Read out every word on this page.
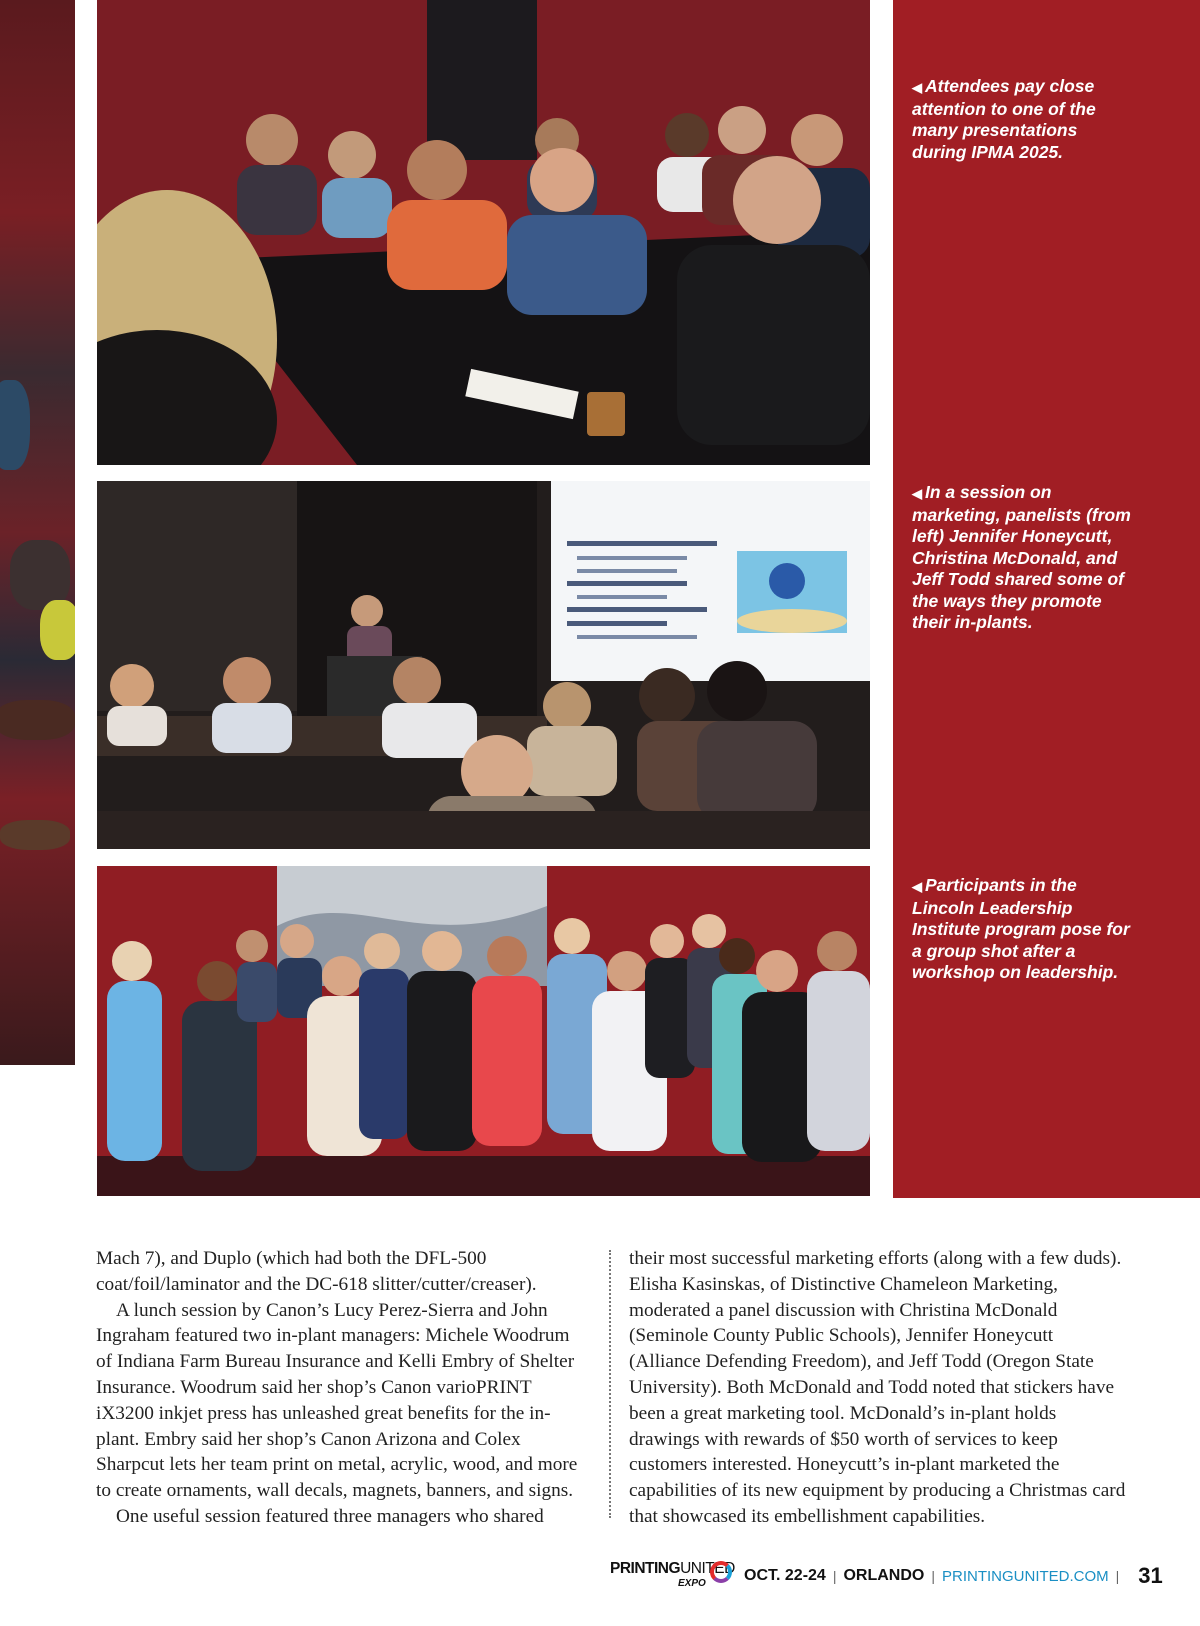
◀ Attendees pay close attention to one of the many presentations during IPMA 2025.
◀ In a session on marketing, panelists (from left) Jennifer Honeycutt, Christina McDonald, and Jeff Todd shared some of the ways they promote their in-plants.
◀ Participants in the Lincoln Leadership Institute program pose for a group shot after a workshop on leadership.

Mach 7), and Duplo (which had both the DFL-500 coat/foil/laminator and the DC-618 slitter/cutter/creaser).

A lunch session by Canon’s Lucy Perez-Sierra and John Ingraham featured two in-plant managers: Michele Woodrum of Indiana Farm Bureau Insurance and Kelli Embry of Shelter Insurance. Woodrum said her shop’s Canon varioPRINT iX3200 inkjet press has unleashed great benefits for the in-plant. Embry said her shop’s Canon Arizona and Colex Sharpcut lets her team print on metal, acrylic, wood, and more to create ornaments, wall decals, magnets, banners, and signs.

One useful session featured three managers who shared

their most successful marketing efforts (along with a few duds). Elisha Kasinskas, of Distinctive Chameleon Marketing, moderated a panel discussion with Christina McDonald (Seminole County Public Schools), Jennifer Honeycutt (Alliance Defending Freedom), and Jeff Todd (Oregon State University). Both McDonald and Todd noted that stickers have been a great marketing tool. McDonald’s in-plant holds drawings with rewards of $50 worth of services to keep customers interested. Honeycutt’s in-plant marketed the capabilities of its new equipment by producing a Christmas card that showcased its embellishment capabilities.

PRINTINGUNITED
EXPO OCT. 22-24 | ORLANDO | PRINTINGUNITED.COM | 31
